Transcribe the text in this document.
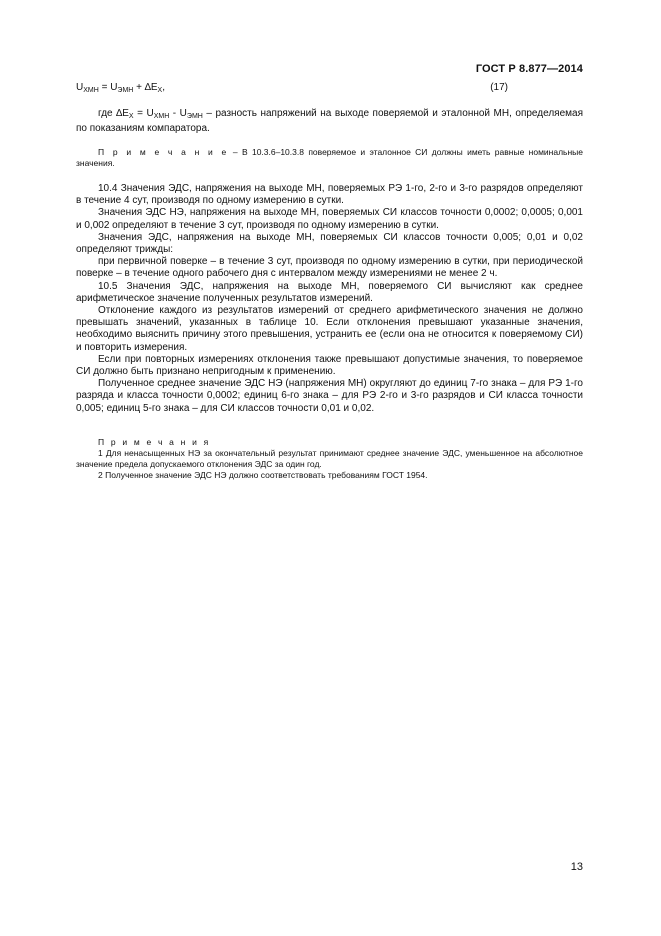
ГОСТ Р 8.877—2014
$U_{ХМН} = U_{ЭМН} + \Delta E_Х$,	(17)

где $\Delta E_Х = U_{ХМН} - U_{ЭМН}$ – разность напряжений на выходе поверяемой и эталонной МН, определяемая по показаниям компаратора.

П р и м е ч а н и е – В 10.3.6–10.3.8 поверяемое и эталонное СИ должны иметь равные номинальные значения.

10.4 Значения ЭДС, напряжения на выходе МН, поверяемых РЭ 1-го, 2-го и 3-го разрядов определяют в течение 4 сут, производя по одному измерению в сутки.

Значения ЭДС НЭ, напряжения на выходе МН, поверяемых СИ классов точности 0,0002; 0,0005; 0,001 и 0,002 определяют в течение 3 сут, производя по одному измерению в сутки.

Значения ЭДС, напряжения на выходе МН, поверяемых СИ классов точности 0,005; 0,01 и 0,02 определяют трижды:

при первичной поверке – в течение 3 сут, производя по одному измерению в сутки, при периодической поверке – в течение одного рабочего дня с интервалом между измерениями не менее 2 ч.

10.5 Значения ЭДС, напряжения на выходе МН, поверяемого СИ вычисляют как среднее арифметическое значение полученных результатов измерений.

Отклонение каждого из результатов измерений от среднего арифметического значения не должно превышать значений, указанных в таблице 10. Если отклонения превышают указанные значения, необходимо выяснить причину этого превышения, устранить ее (если она не относится к поверяемому СИ) и повторить измерения.

Если при повторных измерениях отклонения также превышают допустимые значения, то поверяемое СИ должно быть признано непригодным к применению.

Полученное среднее значение ЭДС НЭ (напряжения МН) округляют до единиц 7-го знака – для РЭ 1-го разряда и класса точности 0,0002; единиц 6-го знака – для РЭ 2-го и 3-го разрядов и СИ класса точности 0,005; единиц 5-го знака – для СИ классов точности 0,01 и 0,02.

П р и м е ч а н и я

1 Для ненасыщенных НЭ за окончательный результат принимают среднее значение ЭДС, уменьшенное на абсолютное значение предела допускаемого отклонения ЭДС за один год.

2 Полученное значение ЭДС НЭ должно соответствовать требованиям ГОСТ 1954.

13
